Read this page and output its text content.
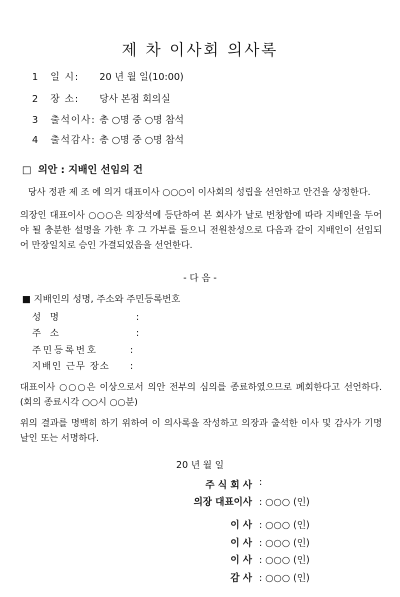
제 차 이사회 의사록
1 일 시: 20 년 월 일(10:00)
2 장 소: 당사 본점 회의실
3 출석이사: 총 ○명 중 ○명 참석
4 출석감사: 총 ○명 중 ○명 참석
□ 의안 : 지배인 선임의 건

당사 정관 제 조 에 의거 대표이사 ○○○이 이사회의 성립을 선언하고 안건을 상정한다.

의장인 대표이사 ○○○은 의장석에 등단하여 본 회사가 날로 번창함에 따라 지배인을 두어야 될 충분한 설명을 가한 후 그 가부를 들으니 전원찬성으로 다음과 같이 지배인이 선임되어 만장일치로 승인 가결되었음을 선언한다.

- 다 음 -
■ 지배인의 성명, 주소와 주민등록번호
성 명	:
주 소	:
주민등록번호	:
지배인 근무 장소 :

대표이사 ○○○은 이상으로서 의안 전부의 심의를 종료하였으므로 폐회한다고 선언하다. (회의 종료시각 ○○시 ○○분)

위의 결과를 명백히 하기 위하여 이 의사록을 작성하고 의장과 출석한 이사 및 감사가 기명날인 또는 서명하다.

20 년 월 일
주 식 회 사 :
의장 대표이사 : ○○○ (인)
이 사 : ○○○ (인)
이 사 : ○○○ (인)
이 사 : ○○○ (인)
감 사 : ○○○ (인)
